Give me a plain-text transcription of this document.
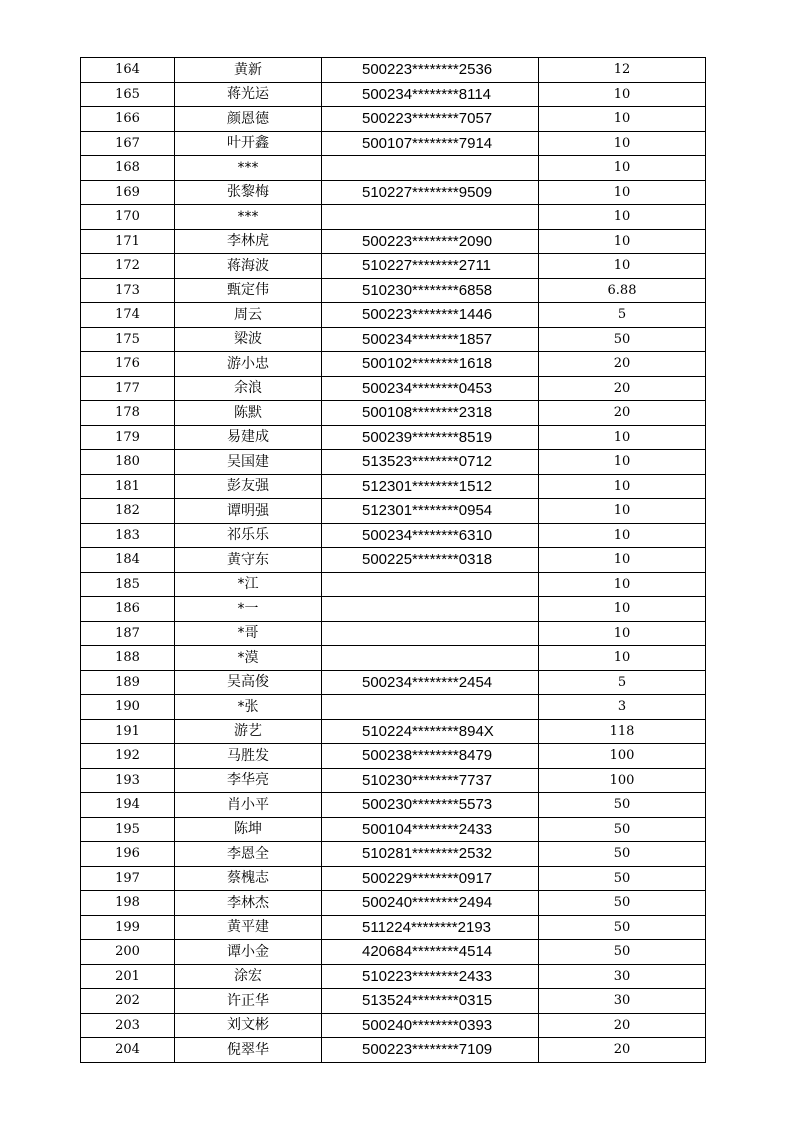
164	黄新	500223********2536	12
165	蒋光运	500234********8114	10
166	颜恩德	500223********7057	10
167	叶开鑫	500107********7914	10
168	***		10
169	张黎梅	510227********9509	10
170	***		10
171	李林虎	500223********2090	10
172	蒋海波	510227********2711	10
173	甄定伟	510230********6858	6.88
174	周云	500223********1446	5
175	梁波	500234********1857	50
176	游小忠	500102********1618	20
177	余浪	500234********0453	20
178	陈默	500108********2318	20
179	易建成	500239********8519	10
180	吴国建	513523********0712	10
181	彭友强	512301********1512	10
182	谭明强	512301********0954	10
183	祁乐乐	500234********6310	10
184	黄守东	500225********0318	10
185	*江		10
186	*一		10
187	*哥		10
188	*漠		10
189	吴高俊	500234********2454	5
190	*张		3
191	游艺	510224********894X	118
192	马胜发	500238********8479	100
193	李华亮	510230********7737	100
194	肖小平	500230********5573	50
195	陈坤	500104********2433	50
196	李恩全	510281********2532	50
197	蔡槐志	500229********0917	50
198	李林杰	500240********2494	50
199	黄平建	511224********2193	50
200	谭小金	420684********4514	50
201	涂宏	510223********2433	30
202	许正华	513524********0315	30
203	刘文彬	500240********0393	20
204	倪翠华	500223********7109	20
